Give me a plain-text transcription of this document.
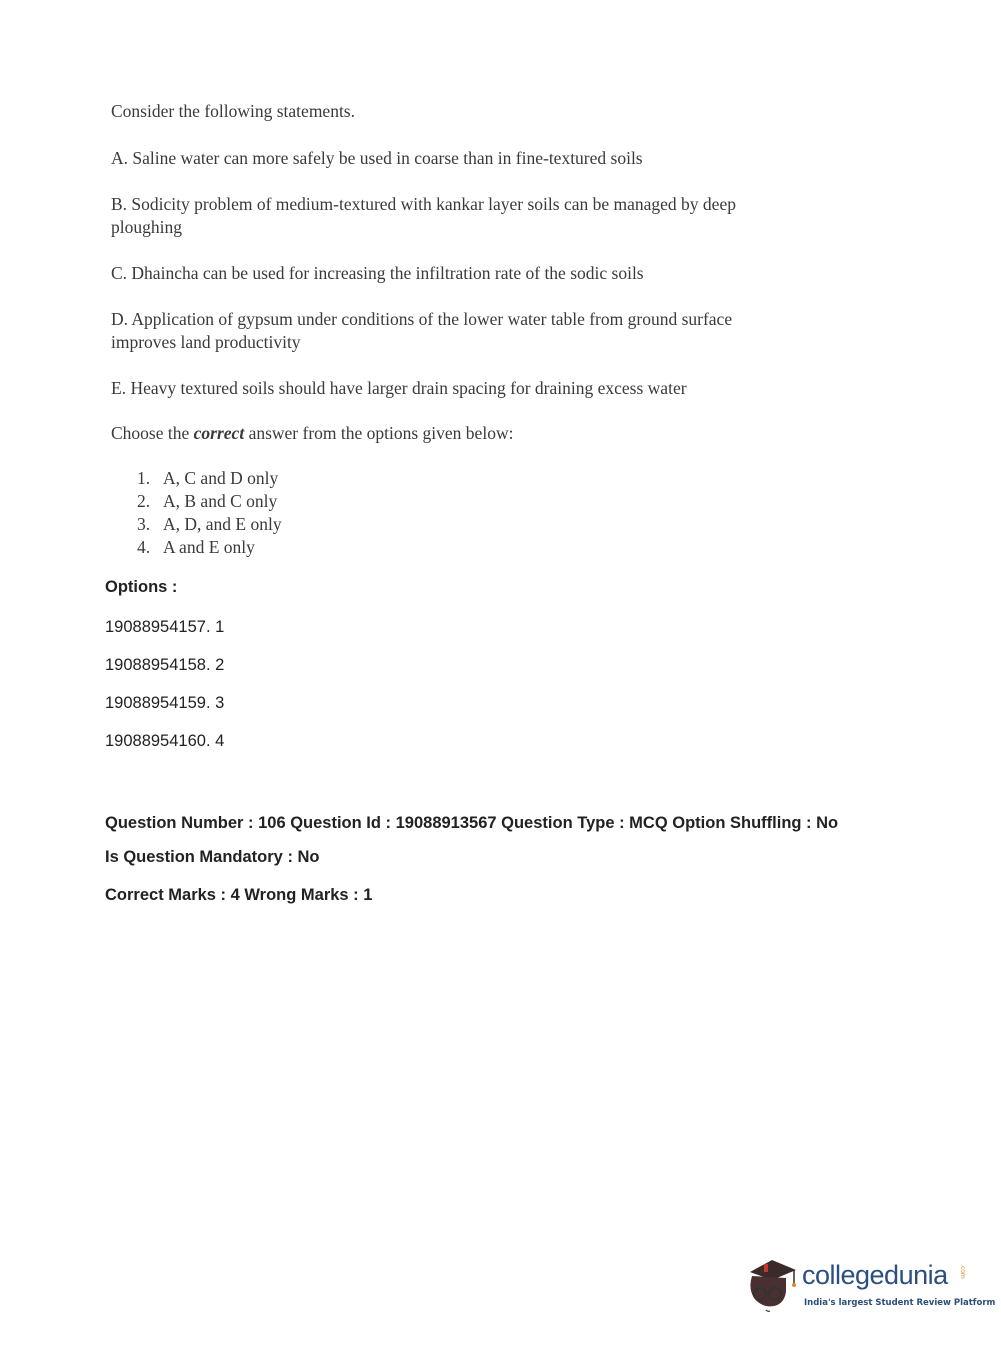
Consider the following statements.

A. Saline water can more safely be used in coarse than in fine-textured soils

B. Sodicity problem of medium-textured with kankar layer soils can be managed by deep ploughing

C. Dhaincha can be used for increasing the infiltration rate of the sodic soils

D. Application of gypsum under conditions of the lower water table from ground surface improves land productivity

E. Heavy textured soils should have larger drain spacing for draining excess water

Choose the correct answer from the options given below:

1. A, C and D only
2. A, B and C only
3. A, D, and E only
4. A and E only
Options :
19088954157. 1
19088954158. 2
19088954159. 3
19088954160. 4
Question Number : 106 Question Id : 19088913567 Question Type : MCQ Option Shuffling : No
Is Question Mandatory : No
Correct Marks : 4 Wrong Marks : 1
collegedunia .com
India's largest Student Review Platform
